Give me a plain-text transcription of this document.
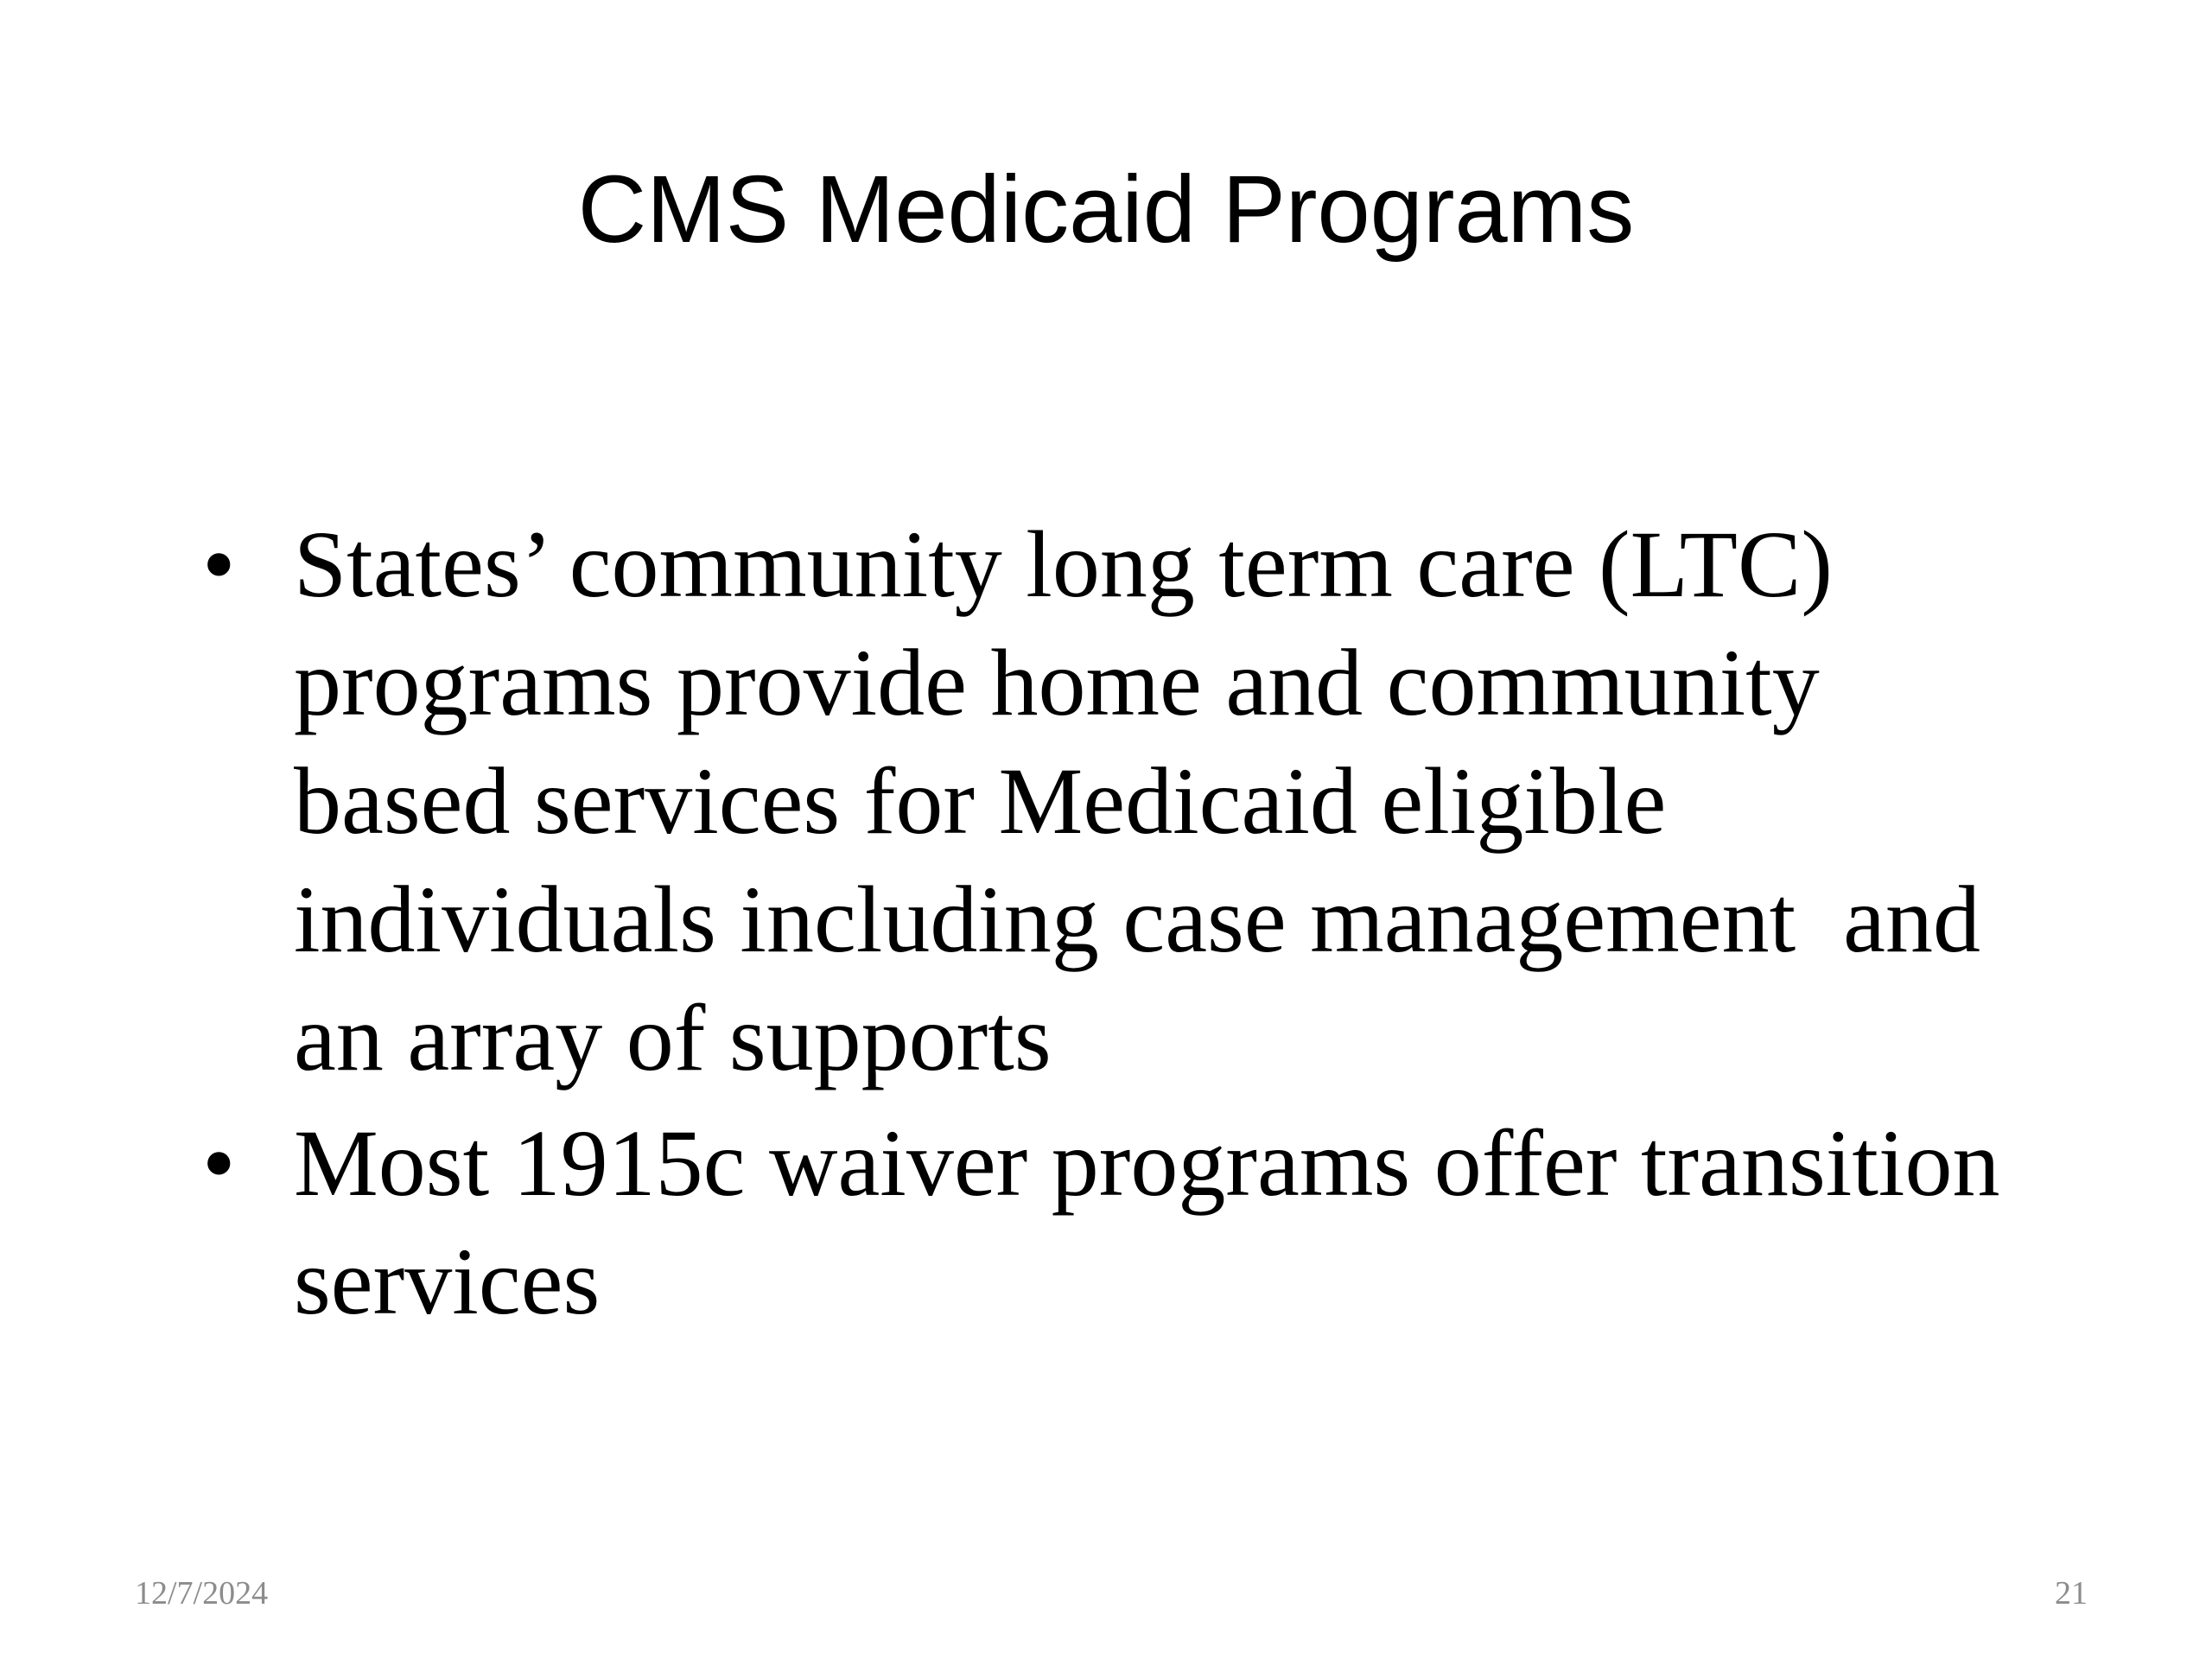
CMS Medicaid Programs
• States’ community long term care (LTC)
programs provide home and community
based services for Medicaid eligible
individuals including case management  and
an array of supports
• Most 1915c waiver programs offer transition
services
12/7/2024	21
